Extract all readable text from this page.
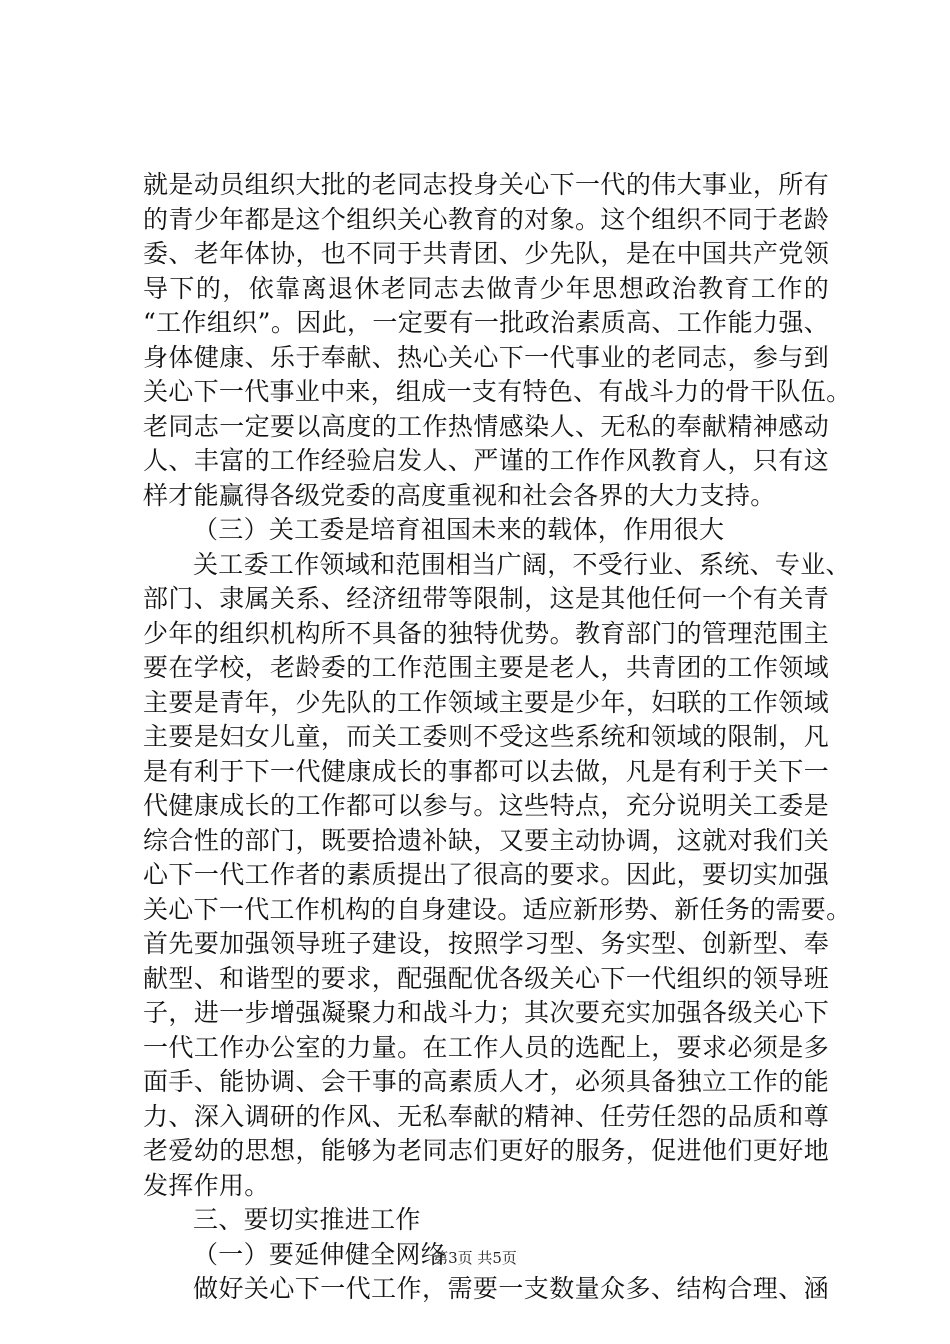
就是动员组织大批的老同志投身关心下一代的伟大事业，所有
的青少年都是这个组织关心教育的对象。这个组织不同于老龄
委、老年体协，也不同于共青团、少先队，是在中国共产党领
导下的，依靠离退休老同志去做青少年思想政治教育工作的
“工作组织”。因此，一定要有一批政治素质高、工作能力强、
身体健康、乐于奉献、热心关心下一代事业的老同志，参与到
关心下一代事业中来，组成一支有特色、有战斗力的骨干队伍。
老同志一定要以高度的工作热情感染人、无私的奉献精神感动
人、丰富的工作经验启发人、严谨的工作作风教育人，只有这
样才能赢得各级党委的高度重视和社会各界的大力支持。
（三）关工委是培育祖国未来的载体，作用很大
关工委工作领域和范围相当广阔，不受行业、系统、专业、
部门、隶属关系、经济纽带等限制，这是其他任何一个有关青
少年的组织机构所不具备的独特优势。教育部门的管理范围主
要在学校，老龄委的工作范围主要是老人，共青团的工作领域
主要是青年，少先队的工作领域主要是少年，妇联的工作领域
主要是妇女儿童，而关工委则不受这些系统和领域的限制，凡
是有利于下一代健康成长的事都可以去做，凡是有利于关下一
代健康成长的工作都可以参与。这些特点，充分说明关工委是
综合性的部门，既要拾遗补缺，又要主动协调，这就对我们关
心下一代工作者的素质提出了很高的要求。因此，要切实加强
关心下一代工作机构的自身建设。适应新形势、新任务的需要。
首先要加强领导班子建设，按照学习型、务实型、创新型、奉
献型、和谐型的要求，配强配优各级关心下一代组织的领导班
子，进一步增强凝聚力和战斗力；其次要充实加强各级关心下
一代工作办公室的力量。在工作人员的选配上，要求必须是多
面手、能协调、会干事的高素质人才，必须具备独立工作的能
力、深入调研的作风、无私奉献的精神、任劳任怨的品质和尊
老爱幼的思想，能够为老同志们更好的服务，促进他们更好地
发挥作用。
三、要切实推进工作
（一）要延伸健全网络
做好关心下一代工作，需要一支数量众多、结构合理、涵
第3页 共5页
